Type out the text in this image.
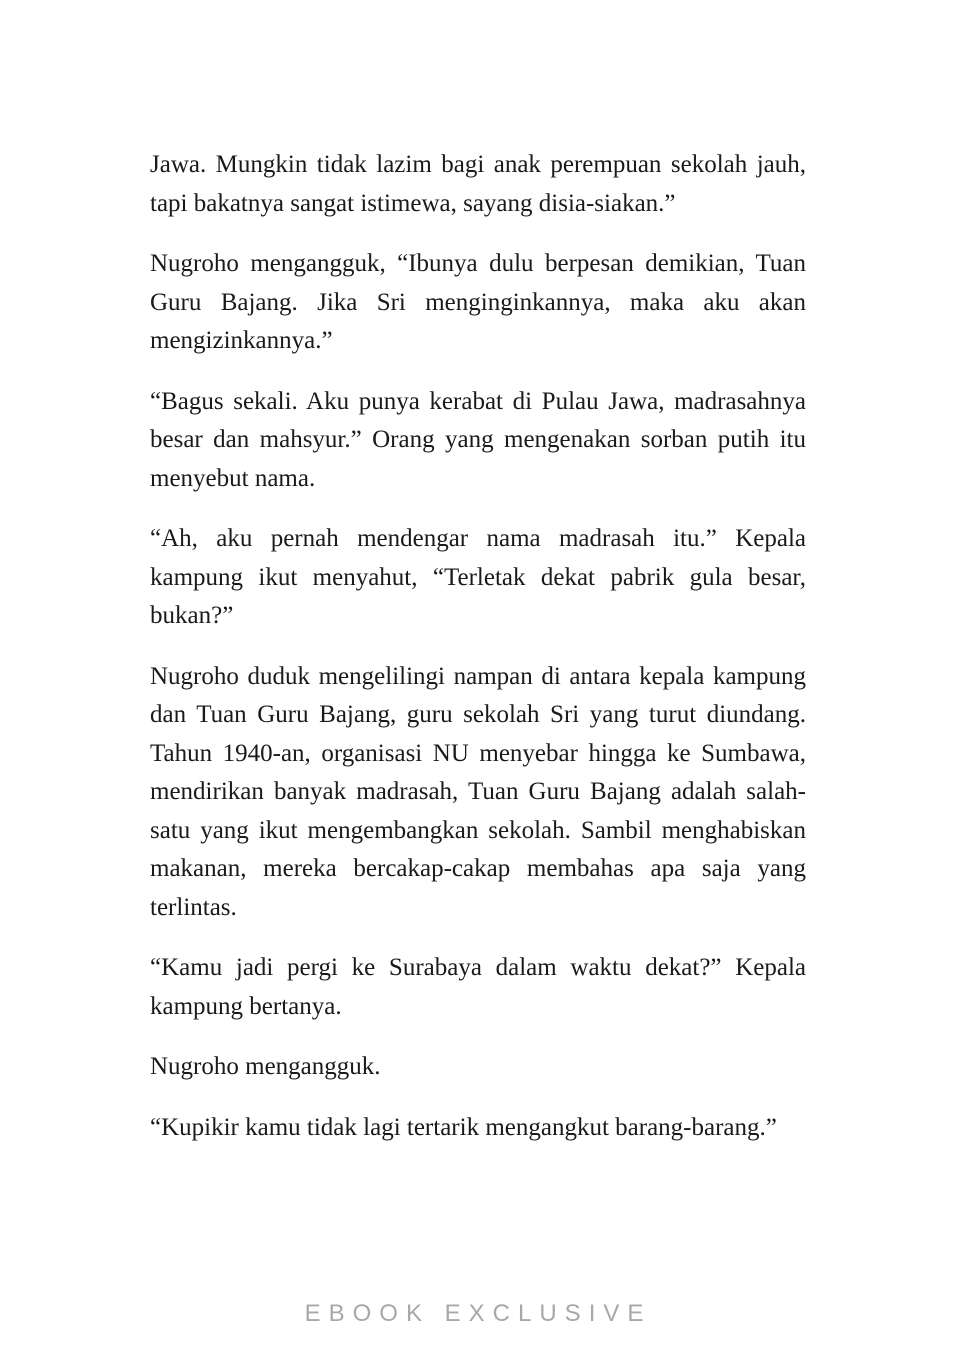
Jawa. Mungkin tidak lazim bagi anak perempuan sekolah jauh, tapi bakatnya sangat istimewa, sayang disia-siakan.”

Nugroho mengangguk, “Ibunya dulu berpesan demikian, Tuan Guru Bajang. Jika Sri menginginkannya, maka aku akan mengizinkannya.”

“Bagus sekali. Aku punya kerabat di Pulau Jawa, madrasahnya besar dan mahsyur.” Orang yang mengenakan sorban putih itu menyebut nama.

“Ah, aku pernah mendengar nama madrasah itu.” Kepala kampung ikut menyahut, “Terletak dekat pabrik gula besar, bukan?”

Nugroho duduk mengelilingi nampan di antara kepala kampung dan Tuan Guru Bajang, guru sekolah Sri yang turut diundang. Tahun 1940-an, organisasi NU menyebar hingga ke Sumbawa, mendirikan banyak madrasah, Tuan Guru Bajang adalah salah-satu yang ikut mengembangkan sekolah. Sambil menghabiskan makanan, mereka bercakap-cakap membahas apa saja yang terlintas.

“Kamu jadi pergi ke Surabaya dalam waktu dekat?” Kepala kampung bertanya.

Nugroho mengangguk.

“Kupikir kamu tidak lagi tertarik mengangkut barang-barang.”

EBOOK EXCLUSIVE
